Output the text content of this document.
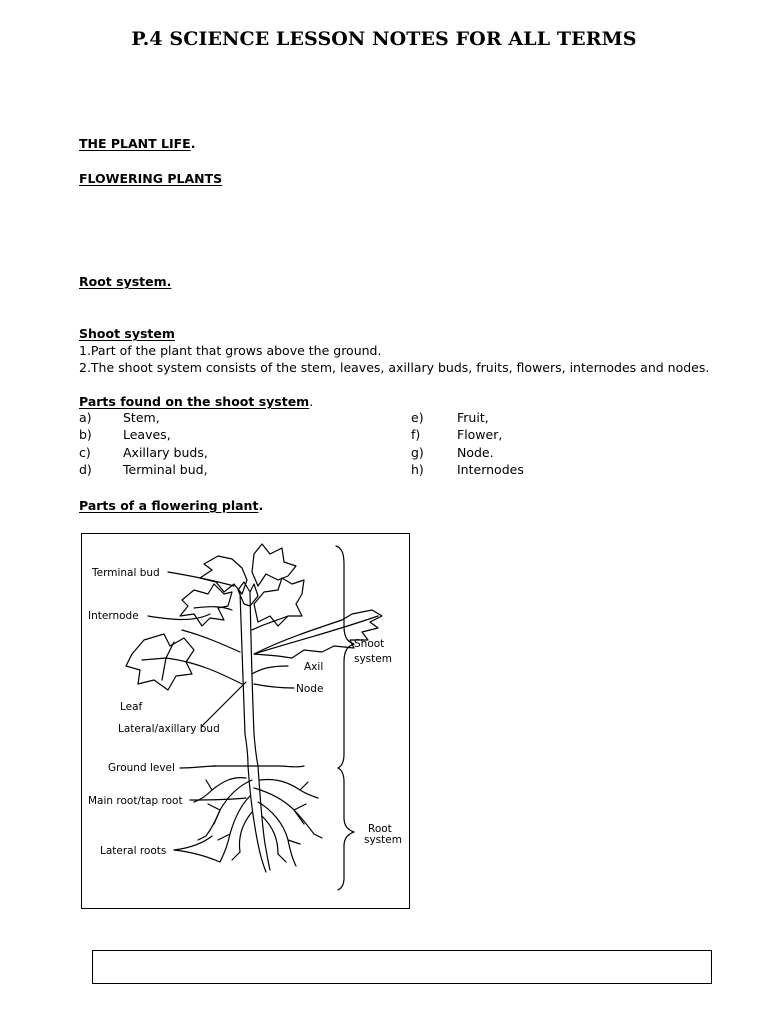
P.4 SCIENCE LESSON NOTES FOR ALL TERMS
THE PLANT LIFE.
FLOWERING PLANTS
Root system.
Shoot system
1.Part of the plant that grows above the ground.
2.The shoot system consists of the stem, leaves, axillary buds, fruits, flowers, internodes and nodes.
Parts found on the shoot system.
a)	Stem,	e)	Fruit,
b) Leaves,	f)	Flower,
c)	Axillary buds,	g)	Node.
d) Terminal bud,	h)	Internodes
Parts of a flowering plant.
Terminal bud
Internode
Axil
Node
Leaf
Lateral/axillary bud
Ground level
Main root/tap root
Lateral roots
Shoot
system
Root
system
